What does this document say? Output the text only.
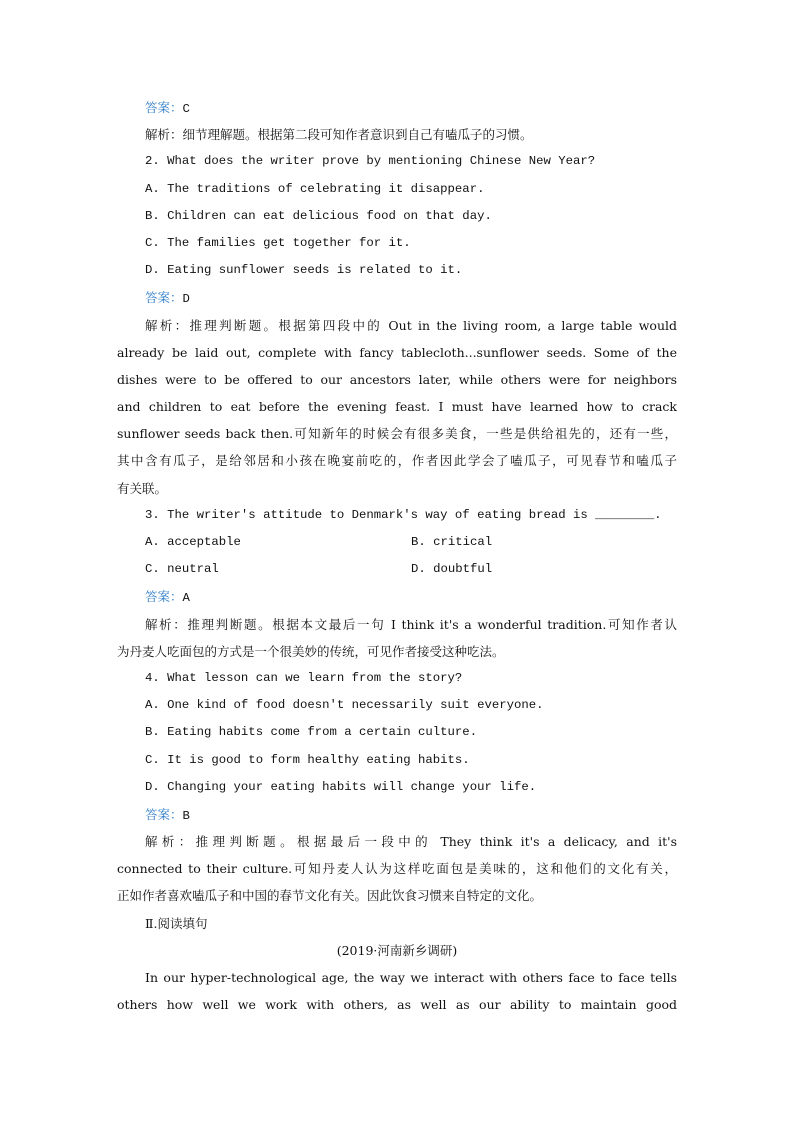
答案：C
解析：细节理解题。根据第二段可知作者意识到自己有嗑瓜子的习惯。
2. What does the writer prove by mentioning Chinese New Year?
A. The traditions of celebrating it disappear.
B. Children can eat delicious food on that day.
C. The families get together for it.
D. Eating sunflower seeds is related to it.
答案：D
解析：推理判断题。根据第四段中的 Out in the living room, a large table would
already be laid out, complete with fancy tablecloth...sunflower seeds. Some of the
dishes were to be offered to our ancestors later, while others were for neighbors
and children to eat before the evening feast. I must have learned how to crack
sunflower seeds back then.可知新年的时候会有很多美食，一些是供给祖先的，还有一些，
其中含有瓜子，是给邻居和小孩在晚宴前吃的，作者因此学会了嗑瓜子，可见春节和嗑瓜子
有关联。
3. The writer's attitude to Denmark's way of eating bread is ________.
A. acceptable	B. critical
C. neutral	D. doubtful
答案：A
解析：推理判断题。根据本文最后一句 I think it's a wonderful tradition.可知作者认
为丹麦人吃面包的方式是一个很美妙的传统，可见作者接受这种吃法。
4. What lesson can we learn from the story?
A. One kind of food doesn't necessarily suit everyone.
B. Eating habits come from a certain culture.
C. It is good to form healthy eating habits.
D. Changing your eating habits will change your life.
答案：B
解析：推理判断题。根据最后一段中的 They think it's a delicacy, and it's
connected to their culture.可知丹麦人认为这样吃面包是美味的，这和他们的文化有关，
正如作者喜欢嗑瓜子和中国的春节文化有关。因此饮食习惯来自特定的文化。
Ⅱ.阅读填句
(2019·河南新乡调研)
In our hyper-technological age, the way we interact with others face to face tells
others how well we work with others, as well as our ability to maintain good
